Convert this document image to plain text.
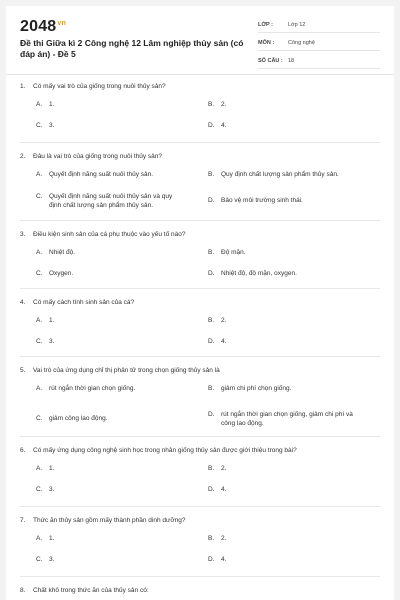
$2048^{vn}$
Đề thi Giữa kì 2 Công nghệ 12 Lâm nghiệp thủy sản (có đáp án) - Đề 5
LỚP :	Lớp 12
MÔN :	Công nghệ
SỐ CÂU : 18
1.	Có mấy vai trò của giống trong nuôi thủy sản?
A.	1.	B.	2.
C.	3.	D.	4.
2.	Đâu là vai trò của giống trong nuôi thủy sản?
A.	Quyết định năng suất nuôi thủy sản.	B.	Quy định chất lượng sản phẩm thủy sản.
C.	Quyết định năng suất nuôi thủy sản và quy định chất lượng sản phẩm thủy sản.
D.	Bảo vệ môi trường sinh thái.
3.	Điều kiện sinh sản của cá phụ thuộc vào yếu tố nào?
A.	Nhiệt độ.	B.	Độ mặn.
C.	Oxygen.	D.	Nhiệt độ, độ mặn, oxygen.
4.	Có mấy cách tính sinh sản của cá?
A.	1.	B.	2.
C.	3.	D.	4.
5.	Vai trò của ứng dụng chỉ thị phân tử trong chọn giống thủy sản là
A.	rút ngắn thời gian chọn giống.	B.	giảm chi phí chọn giống.
C.	giảm công lao động.
D.	rút ngắn thời gian chọn giống, giảm chi phí và công lao động.
6.	Có mấy ứng dụng công nghệ sinh học trong nhân giống thủy sản được giới thiệu trong bài?
A.	1.	B.	2.
C.	3.	D.	4.
7.	Thức ăn thủy sản gồm mấy thành phần dinh dưỡng?
A.	1.	B.	2.
C.	3.	D.	4.
8.	Chất khô trong thức ăn của thủy sản có:
